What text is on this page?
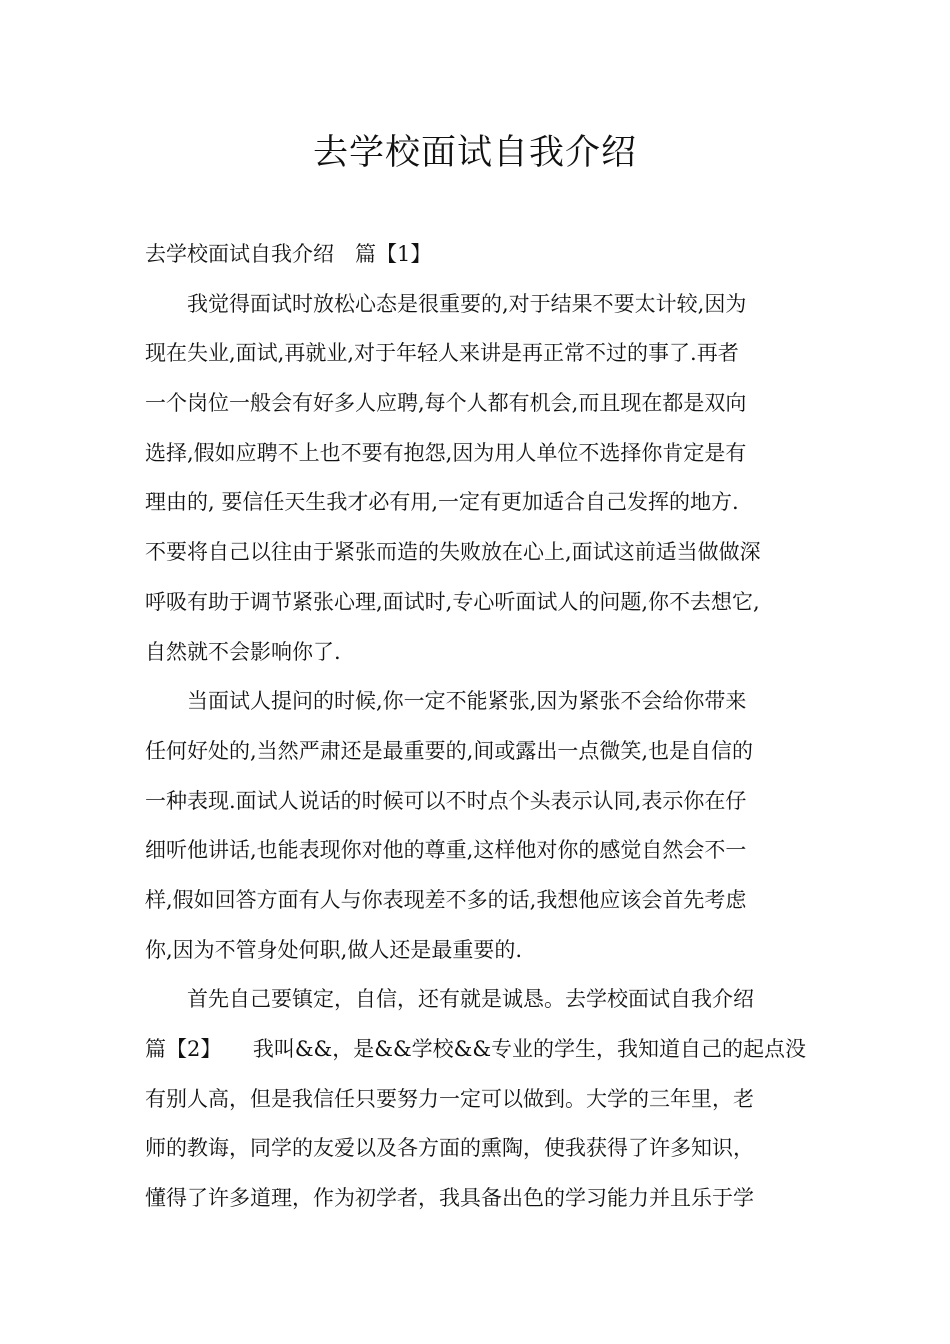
去学校面试自我介绍
去学校面试自我介绍　篇【1】
我觉得面试时放松心态是很重要的,对于结果不要太计较,因为
现在失业,面试,再就业,对于年轻人来讲是再正常不过的事了.再者
一个岗位一般会有好多人应聘,每个人都有机会,而且现在都是双向
选择,假如应聘不上也不要有抱怨,因为用人单位不选择你肯定是有
理由的, 要信任天生我才必有用,一定有更加适合自己发挥的地方.
不要将自己以往由于紧张而造的失败放在心上,面试这前适当做做深
呼吸有助于调节紧张心理,面试时,专心听面试人的问题,你不去想它,
自然就不会影响你了.
当面试人提问的时候,你一定不能紧张,因为紧张不会给你带来
任何好处的,当然严肃还是最重要的,间或露出一点微笑,也是自信的
一种表现.面试人说话的时候可以不时点个头表示认同,表示你在仔
细听他讲话,也能表现你对他的尊重,这样他对你的感觉自然会不一
样,假如回答方面有人与你表现差不多的话,我想他应该会首先考虑
你,因为不管身处何职,做人还是最重要的.
首先自己要镇定，自信，还有就是诚恳。去学校面试自我介绍
篇【2】　　我叫&&，是&&学校&&专业的学生，我知道自己的起点没
有别人高，但是我信任只要努力一定可以做到。大学的三年里，老
师的教诲，同学的友爱以及各方面的熏陶，使我获得了许多知识，
懂得了许多道理，作为初学者，我具备出色的学习能力并且乐于学
